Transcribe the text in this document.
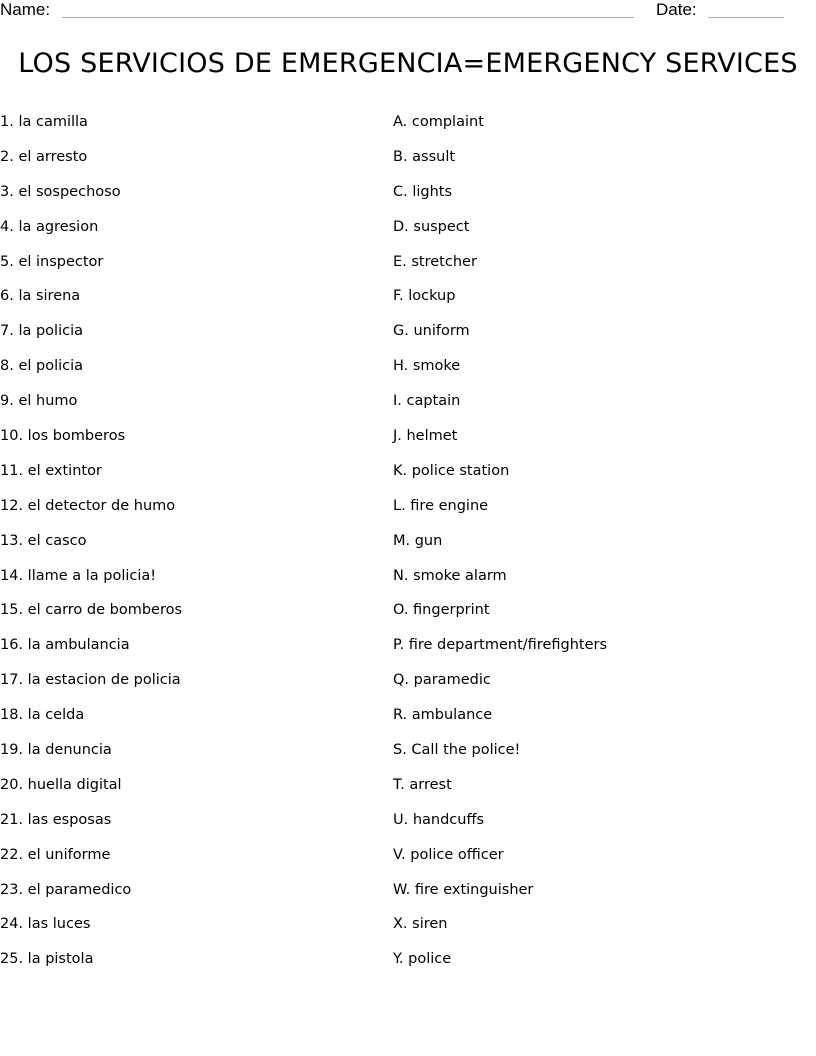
Name:	Date:
LOS SERVICIOS DE EMERGENCIA=EMERGENCY SERVICES
1. la camilla
2. el arresto
3. el sospechoso
4. la agresion
5. el inspector
6. la sirena
7. la policia
8. el policia
9. el humo
10. los bomberos
11. el extintor
12. el detector de humo
13. el casco
14. llame a la policia!
15. el carro de bomberos
16. la ambulancia
17. la estacion de policia
18. la celda
19. la denuncia
20. huella digital
21. las esposas
22. el uniforme
23. el paramedico
24. las luces
25. la pistola
A. complaint
B. assult
C. lights
D. suspect
E. stretcher
F. lockup
G. uniform
H. smoke
I. captain
J. helmet
K. police station
L. fire engine
M. gun
N. smoke alarm
O. fingerprint
P. fire department/firefighters
Q. paramedic
R. ambulance
S. Call the police!
T. arrest
U. handcuffs
V. police officer
W. fire extinguisher
X. siren
Y. police
